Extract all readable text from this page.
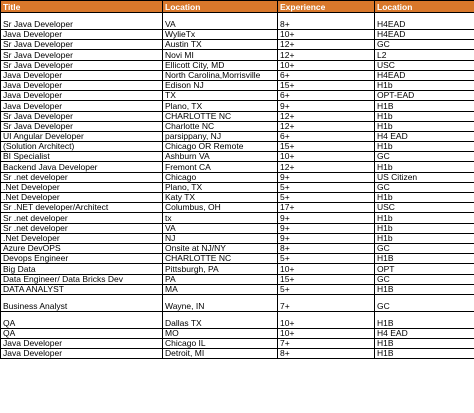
Title	Location	Experience	Location
Sr Java Developer	VA	8+	H4EAD
Java Developer	WylieTx	10+	H4EAD
Sr Java Developer	Austin TX	12+	GC
Sr Java Developer	Novi MI	12+	L2
Sr Java Developer	Ellicott City, MD	10+	USC
Java Developer	North Carolina,Morrisville	6+	H4EAD
Java Developer	Edison NJ	15+	H1b
Java Developer	TX	6+	OPT-EAD
Java Developer	Plano, TX	9+	H1B
Sr Java Developer	CHARLOTTE NC	12+	H1b
Sr Java Developer	Charlotte NC	12+	H1b
UI Angular Developer	parsippany, NJ	6+	H4 EAD
(Solution Architect)	Chicago OR Remote	15+	H1b
BI Specialist	Ashburn VA	10+	GC
Backend Java Developer	Fremont CA	12+	H1b
Sr .net developer	Chicago	9+	US Citizen
.Net Developer	Plano, TX	5+	GC
.Net Developer	Katy TX	5+	H1b
Sr .NET developer/Architect	Columbus, OH	17+	USC
Sr .net developer	tx	9+	H1b
Sr .net developer	VA	9+	H1b
.Net Developer	NJ	9+	H1b
Azure DevOPS	Onsite at NJ/NY	8+	GC
Devops Engineer	CHARLOTTE NC	5+	H1B
Big Data	Pittsburgh, PA	10+	OPT
Data Engineer/ Data Bricks Dev	PA	15+	GC
DATA ANALYST	MA	5+	H1B
Business Analyst	Wayne, IN	7+	GC
QA	Dallas TX	10+	H1B
QA	MO	10+	H4 EAD
Java Developer	Chicago IL	7+	H1B
Java Developer	Detroit, MI	8+	H1B
